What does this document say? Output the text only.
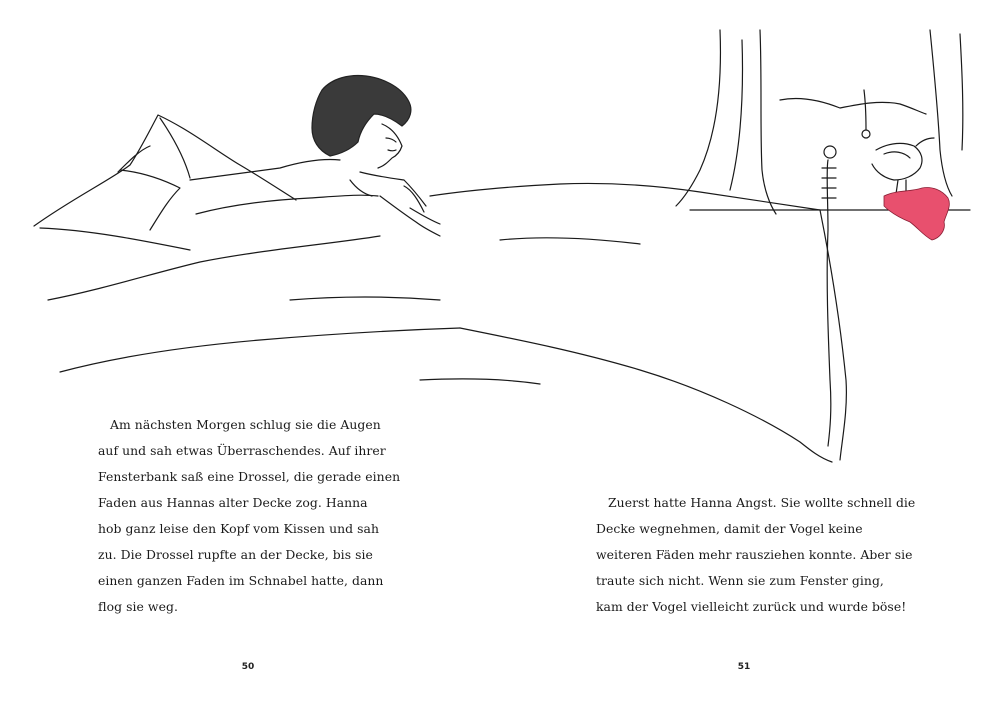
Am nächsten Morgen schlug sie die Augen
auf und sah etwas Überraschendes. Auf ihrer
Fensterbank saß eine Drossel, die gerade einen
Faden aus Hannas alter Decke zog. Hanna
hob ganz leise den Kopf vom Kissen und sah
zu. Die Drossel rupfte an der Decke, bis sie
einen ganzen Faden im Schnabel hatte, dann
flog sie weg.
Zuerst hatte Hanna Angst. Sie wollte schnell die
Decke wegnehmen, damit der Vogel keine
weiteren Fäden mehr rausziehen konnte. Aber sie
traute sich nicht. Wenn sie zum Fenster ging,
kam der Vogel vielleicht zurück und wurde böse!
50	51
